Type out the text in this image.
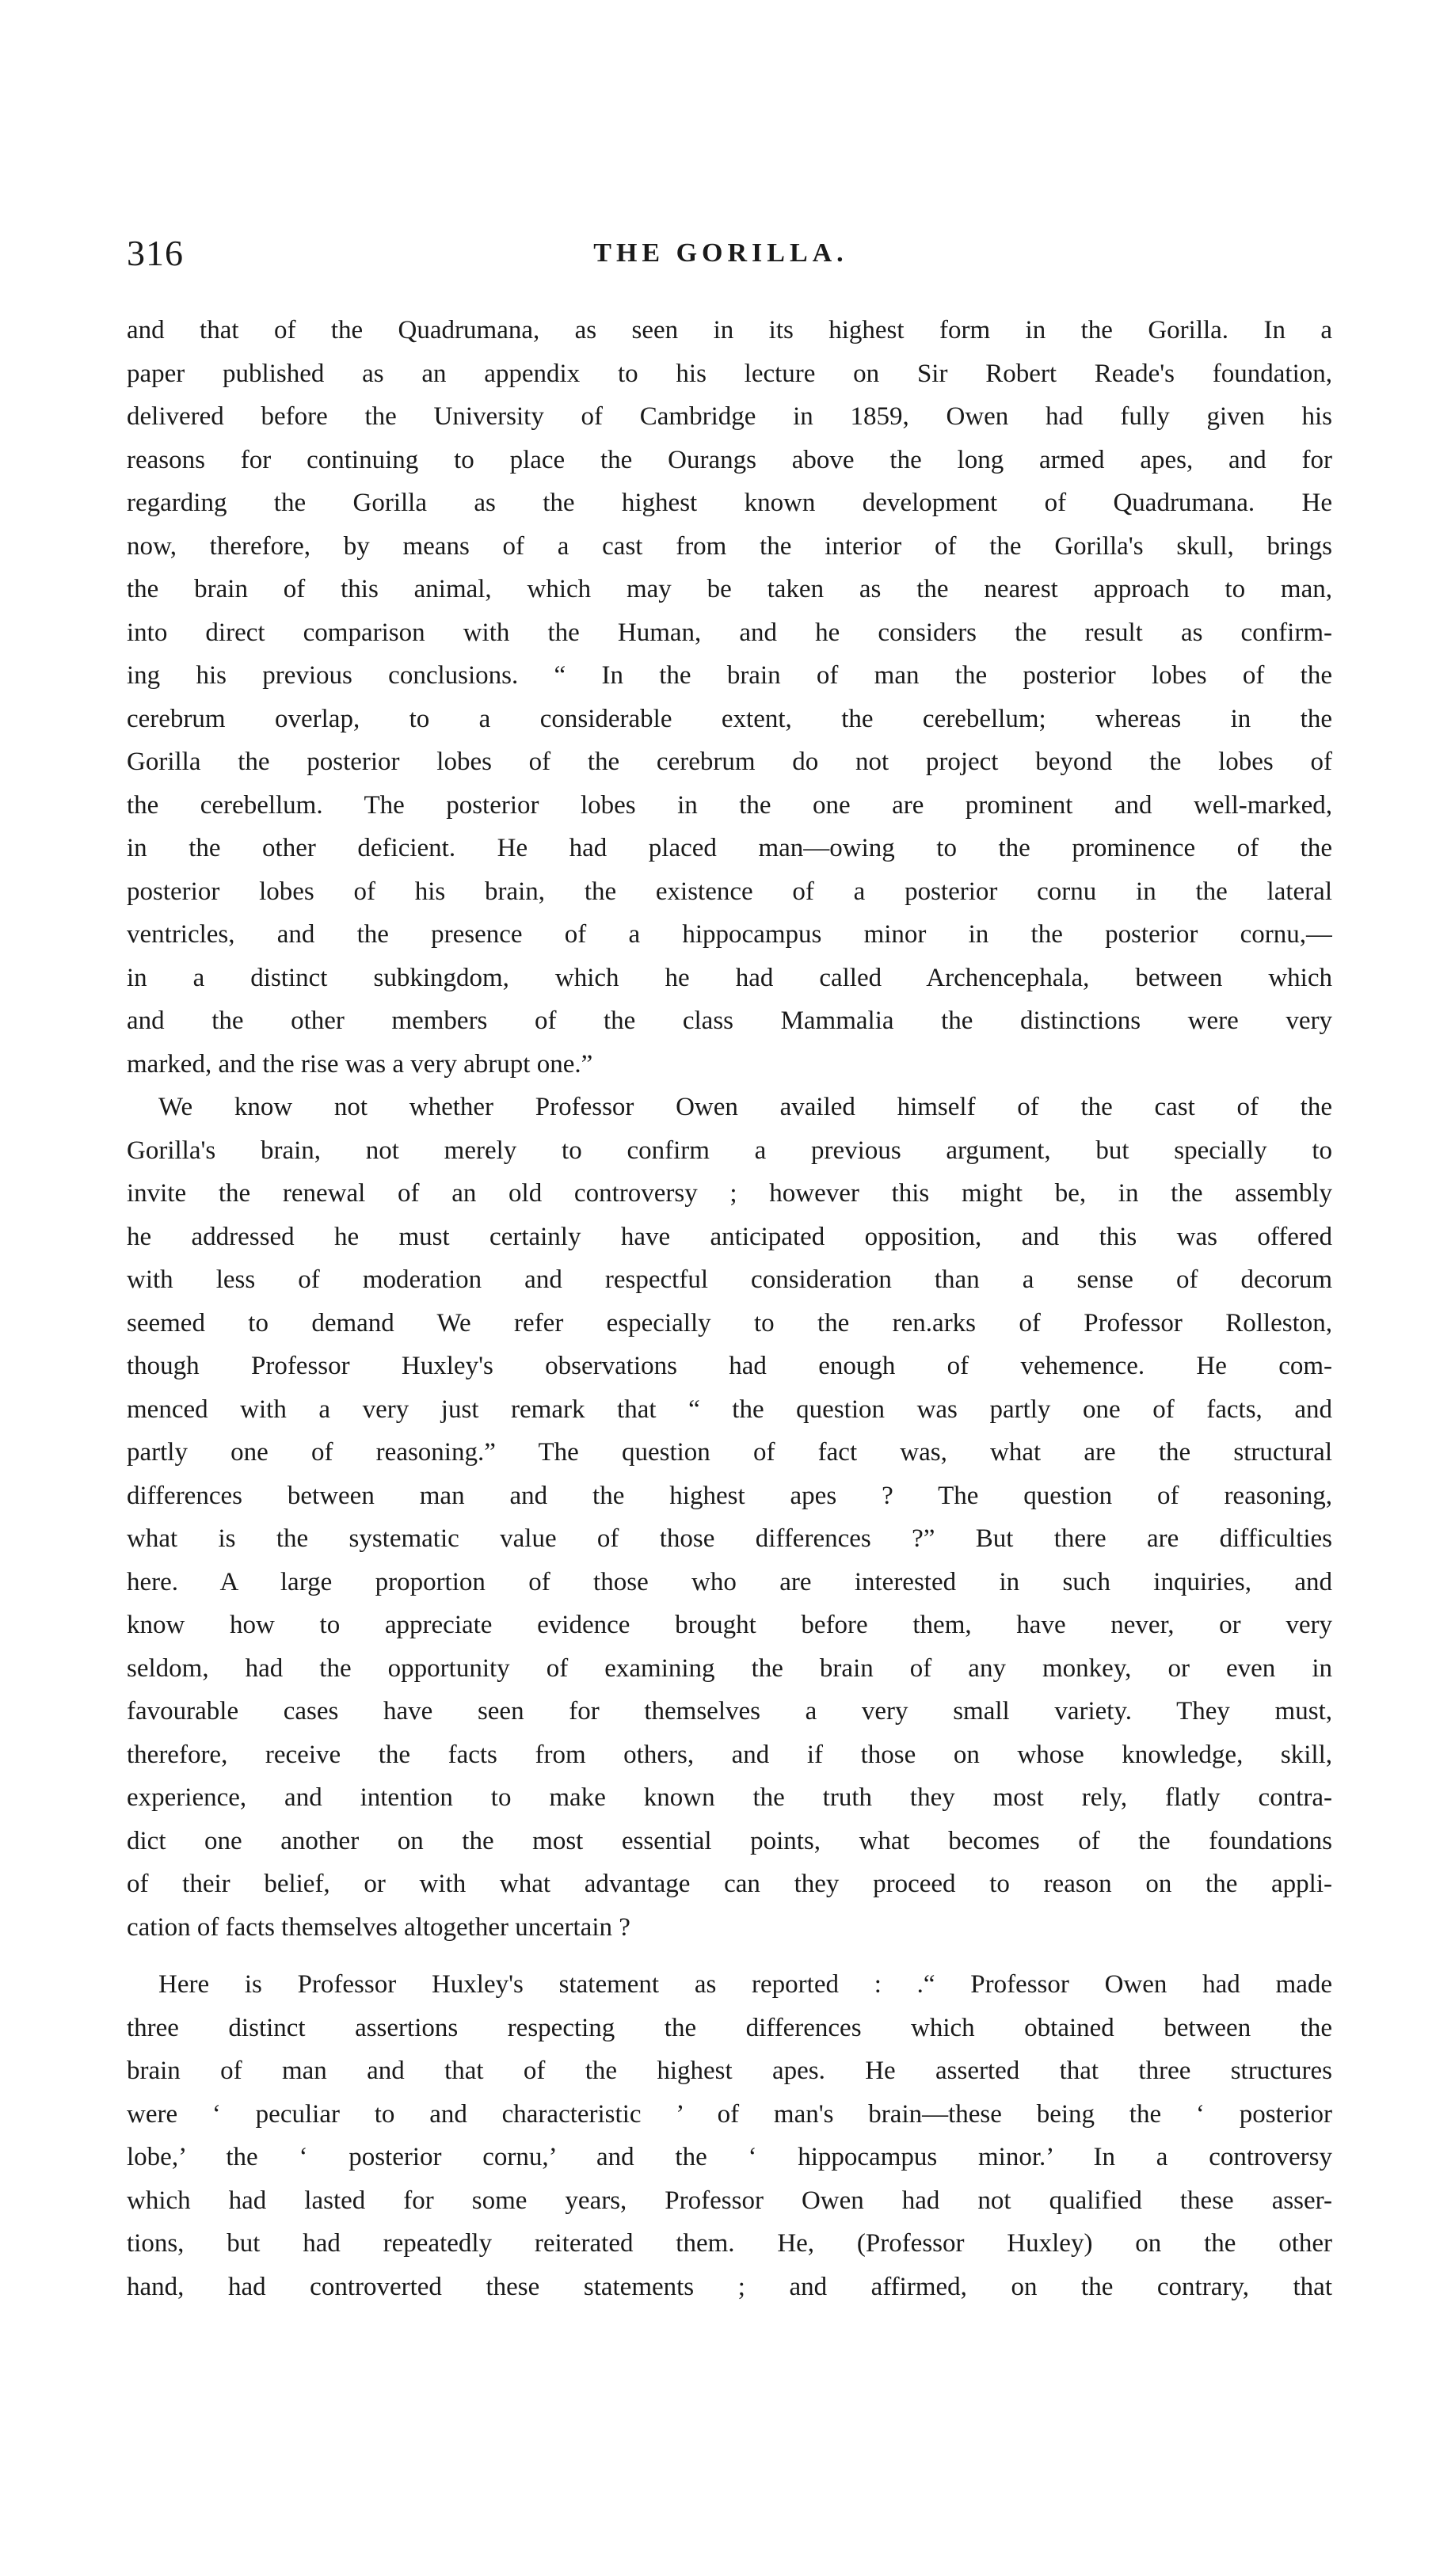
316	THE GORILLA.
and that of the Quadrumana, as seen in its highest form in the Gorilla. In a
paper published as an appendix to his lecture on Sir Robert Reade's foundation,
delivered before the University of Cambridge in 1859, Owen had fully given his
reasons for continuing to place the Ourangs above the long armed apes, and for
regarding the Gorilla as the highest known development of Quadrumana. He
now, therefore, by means of a cast from the interior of the Gorilla's skull, brings
the brain of this animal, which may be taken as the nearest approach to man,
into direct comparison with the Human, and he considers the result as confirm-
ing his previous conclusions. “ In the brain of man the posterior lobes of the
cerebrum overlap, to a considerable extent, the cerebellum; whereas in the
Gorilla the posterior lobes of the cerebrum do not project beyond the lobes of
the cerebellum. The posterior lobes in the one are prominent and well-marked,
in the other deficient. He had placed man—owing to the prominence of the
posterior lobes of his brain, the existence of a posterior cornu in the lateral
ventricles, and the presence of a hippocampus minor in the posterior cornu,—
in a distinct subkingdom, which he had called Archencephala, between which
and the other members of the class Mammalia the distinctions were very
marked, and the rise was a very abrupt one.”
We know not whether Professor Owen availed himself of the cast of the
Gorilla's brain, not merely to confirm a previous argument, but specially to
invite the renewal of an old controversy ; however this might be, in the assembly
he addressed he must certainly have anticipated opposition, and this was offered
with less of moderation and respectful consideration than a sense of decorum
seemed to demand We refer especially to the ren.arks of Professor Rolleston,
though Professor Huxley's observations had enough of vehemence. He com-
menced with a very just remark that “ the question was partly one of facts, and
partly one of reasoning.” The question of fact was, what are the structural
differences between man and the highest apes ? The question of reasoning,
what is the systematic value of those differences ?” But there are difficulties
here. A large proportion of those who are interested in such inquiries, and
know how to appreciate evidence brought before them, have never, or very
seldom, had the opportunity of examining the brain of any monkey, or even in
favourable cases have seen for themselves a very small variety. They must,
therefore, receive the facts from others, and if those on whose knowledge, skill,
experience, and intention to make known the truth they most rely, flatly contra-
dict one another on the most essential points, what becomes of the foundations
of their belief, or with what advantage can they proceed to reason on the appli-
cation of facts themselves altogether uncertain ?
Here is Professor Huxley's statement as reported : .“ Professor Owen had made
three distinct assertions respecting the differences which obtained between the
brain of man and that of the highest apes. He asserted that three structures
were ‘ peculiar to and characteristic ’ of man's brain—these being the ‘ posterior
lobe,’ the ‘ posterior cornu,’ and the ‘ hippocampus minor.’ In a controversy
which had lasted for some years, Professor Owen had not qualified these asser-
tions, but had repeatedly reiterated them. He, (Professor Huxley) on the other
hand, had controverted these statements ; and affirmed, on the contrary, that
